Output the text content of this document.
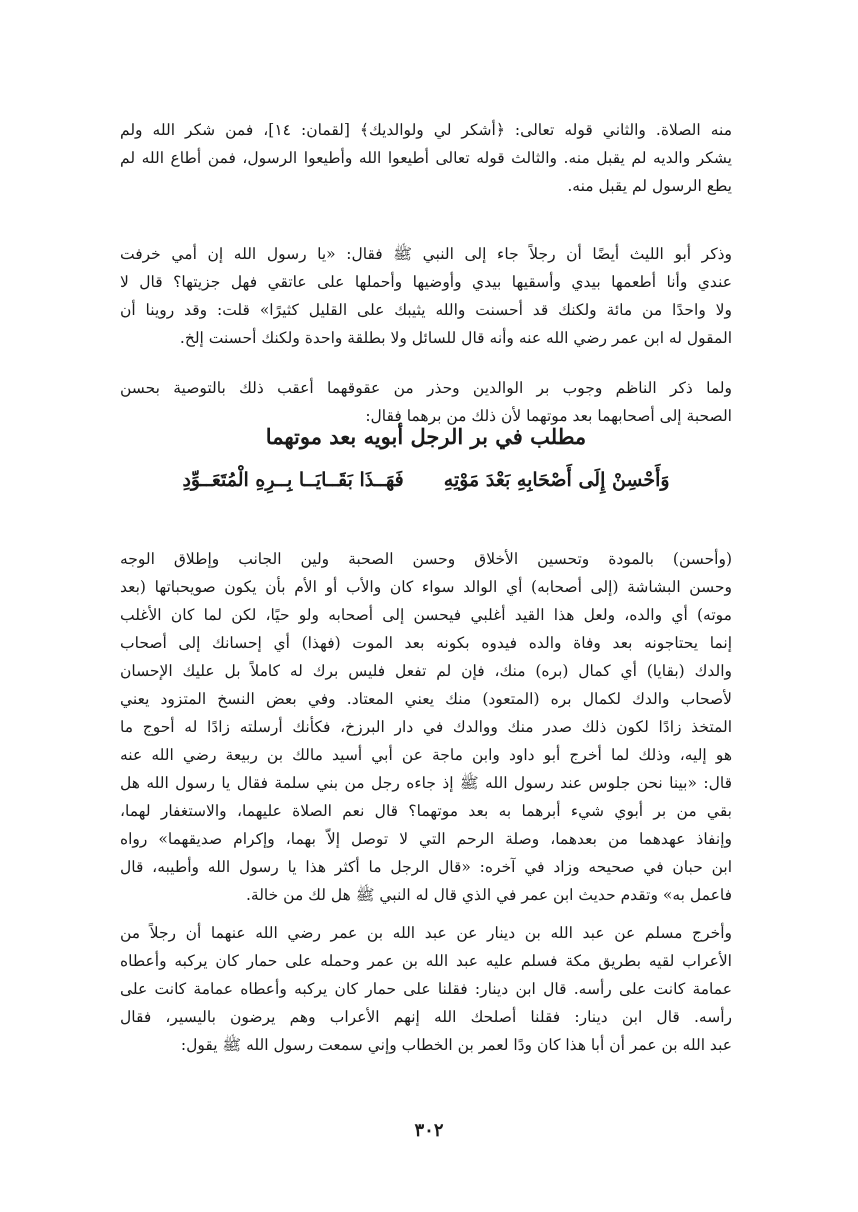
منه الصلاة. والثاني قوله تعالى: ﴿أشكر لي ولوالديك﴾ [لقمان: ١٤]، فمن شكر الله ولم
يشكر والديه لم يقبل منه. والثالث قوله تعالى أطيعوا الله وأطيعوا الرسول، فمن أطاع الله لم
يطع الرسول لم يقبل منه.
وذكر أبو الليث أيضًا أن رجلاً جاء إلى النبي ﷺ فقال: «يا رسول الله إن أمي خرفت
عندي وأنا أطعمها بيدي وأسقيها بيدي وأوضيها وأحملها على عاتقي فهل جزيتها؟ قال لا
ولا واحدًا من مائة ولكنك قد أحسنت والله يثيبك على القليل كثيرًا» قلت: وقد روينا أن
المقول له ابن عمر رضي الله عنه وأنه قال للسائل ولا بطلقة واحدة ولكنك أحسنت إلخ.
ولما ذكر الناظم وجوب بر الوالدين وحذر من عقوقهما أعقب ذلك بالتوصية بحسن
الصحبة إلى أصحابهما بعد موتهما لأن ذلك من برهما فقال:
مطلب في بر الرجل أبويه بعد موتهما
وَأَحْسِنْ إِلَى أَصْحَابِهِ بَعْدَ مَوْتِهِ
فَهَــذَا بَقَــايَــا بِــرِهِ الْمُتَعَــوِّدِ
(وأحسن) بالمودة وتحسين الأخلاق وحسن الصحبة ولين الجانب وإطلاق الوجه
وحسن البشاشة (إلى أصحابه) أي الوالد سواء كان والأب أو الأم بأن يكون صويحباتها (بعد
موته) أي والده، ولعل هذا القيد أغلبي فيحسن إلى أصحابه ولو حيًا، لكن لما كان الأغلب
إنما يحتاجونه بعد وفاة والده فيدوه بكونه بعد الموت (فهذا) أي إحسانك إلى أصحاب
والدك (بقايا) أي كمال (بره) منك، فإن لم تفعل فليس برك له كاملاً بل عليك الإحسان
لأصحاب والدك لكمال بره (المتعود) منك يعني المعتاد. وفي بعض النسخ المتزود يعني
المتخذ زادًا لكون ذلك صدر منك ووالدك في دار البرزخ، فكأنك أرسلته زادًا له أحوج ما
هو إليه، وذلك لما أخرج أبو داود وابن ماجة عن أبي أسيد مالك بن ربيعة رضي الله عنه
قال: «بينا نحن جلوس عند رسول الله ﷺ إذ جاءه رجل من بني سلمة فقال يا رسول الله هل
بقي من بر أبوي شيء أبرهما به بعد موتهما؟ قال نعم الصلاة عليهما، والاستغفار لهما،
وإنفاذ عهدهما من بعدهما، وصلة الرحم التي لا توصل إلاّ بهما، وإكرام صديقهما» رواه
ابن حبان في صحيحه وزاد في آخره: «قال الرجل ما أكثر هذا يا رسول الله وأطيبه، قال
فاعمل به» وتقدم حديث ابن عمر في الذي قال له النبي ﷺ هل لك من خالة.
وأخرج مسلم عن عبد الله بن دينار عن عبد الله بن عمر رضي الله عنهما أن رجلاً من
الأعراب لقيه بطريق مكة فسلم عليه عبد الله بن عمر وحمله على حمار كان يركبه وأعطاه
عمامة كانت على رأسه. قال ابن دينار: فقلنا على حمار كان يركبه وأعطاه عمامة كانت على
رأسه. قال ابن دينار: فقلنا أصلحك الله إنهم الأعراب وهم يرضون باليسير، فقال
عبد الله بن عمر أن أبا هذا كان ودًا لعمر بن الخطاب وإني سمعت رسول الله ﷺ يقول:
٣٠٢
